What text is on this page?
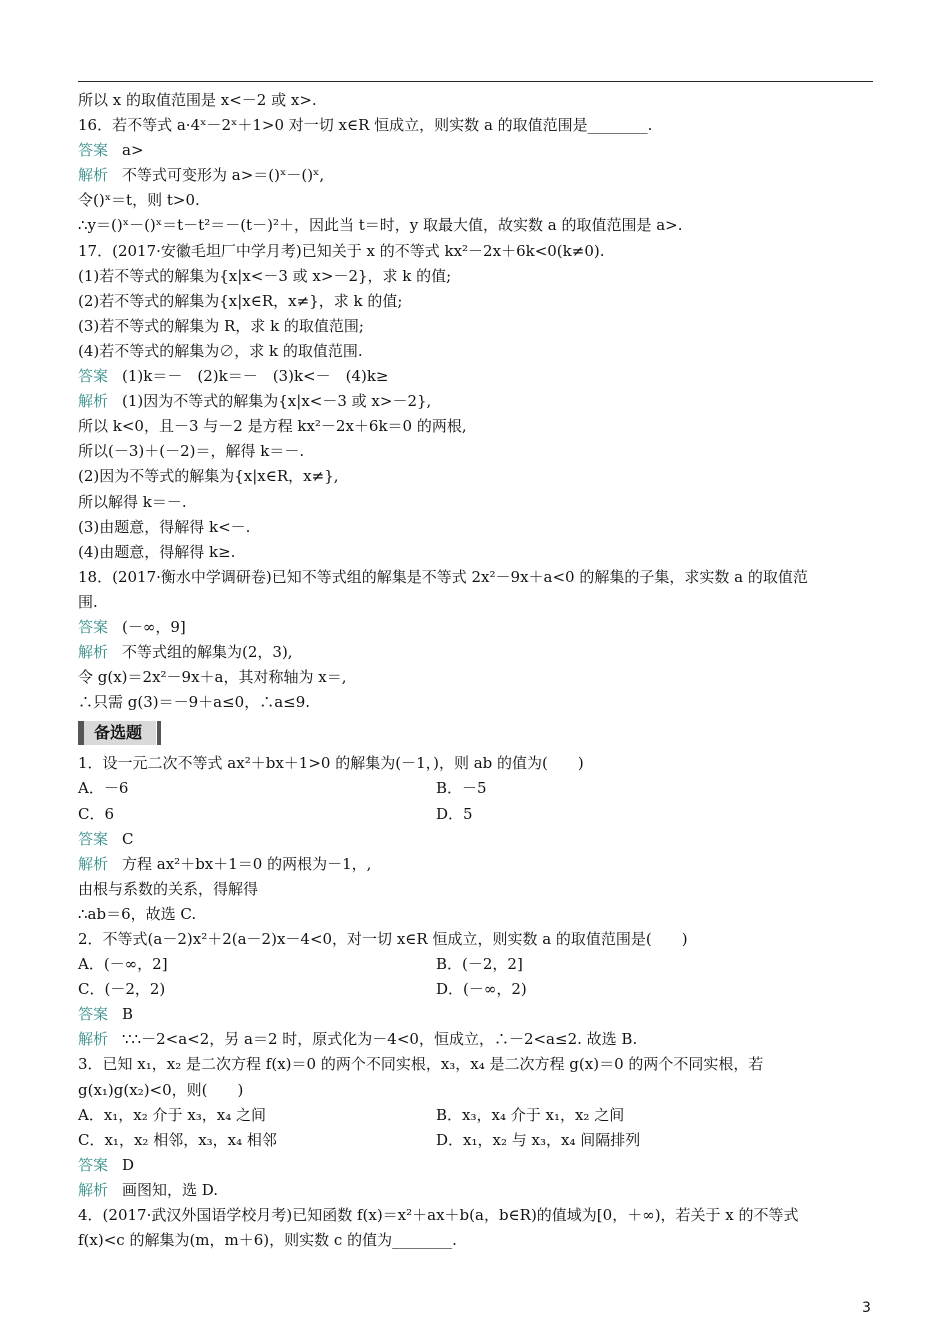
所以 x 的取值范围是 x<－2 或 x>.
16．若不等式 a·4ˣ－2ˣ＋1>0 对一切 x∈R 恒成立，则实数 a 的取值范围是________.
答案 a>
解析 不等式可变形为 a>＝()ˣ－()ˣ,
令()ˣ＝t，则 t>0.
∴y＝()ˣ－()ˣ＝t－t²＝－(t－)²＋，因此当 t＝时，y 取最大值，故实数 a 的取值范围是 a>.
17．(2017·安徽毛坦厂中学月考)已知关于 x 的不等式 kx²－2x＋6k<0(k≠0).
(1)若不等式的解集为{x|x<－3 或 x>－2}，求 k 的值;
(2)若不等式的解集为{x|x∈R，x≠}，求 k 的值;
(3)若不等式的解集为 R，求 k 的取值范围;
(4)若不等式的解集为∅，求 k 的取值范围.
答案 (1)k＝－　(2)k＝－　(3)k<－　(4)k≥
解析 (1)因为不等式的解集为{x|x<－3 或 x>－2},
所以 k<0，且－3 与－2 是方程 kx²－2x＋6k＝0 的两根,
所以(－3)＋(－2)＝，解得 k＝－.
(2)因为不等式的解集为{x|x∈R，x≠},
所以解得 k＝－.
(3)由题意，得解得 k<－.
(4)由题意，得解得 k≥.
18．(2017·衡水中学调研卷)已知不等式组的解集是不等式 2x²－9x＋a<0 的解集的子集，求实数 a 的取值范
围.
答案 (－∞，9]
解析 不等式组的解集为(2，3),
令 g(x)＝2x²－9x＋a，其对称轴为 x＝,
∴只需 g(3)＝－9＋a≤0，∴a≤9.
备选题
1．设一元二次不等式 ax²＋bx＋1>0 的解集为(－1，)，则 ab 的值为(　　)
A．－6	B．－5
C．6	D．5
答案 C
解析 方程 ax²＋bx＋1＝0 的两根为－1，,
由根与系数的关系，得解得
∴ab＝6，故选 C.
2．不等式(a－2)x²＋2(a－2)x－4<0，对一切 x∈R 恒成立，则实数 a 的取值范围是(　　)
A．(－∞，2]	B．(－2，2]
C．(－2，2)	D．(－∞，2)
答案 B
解析 ∵∴－2<a<2，另 a＝2 时，原式化为－4<0，恒成立，∴－2<a≤2. 故选 B.
3．已知 x₁，x₂ 是二次方程 f(x)＝0 的两个不同实根，x₃，x₄ 是二次方程 g(x)＝0 的两个不同实根，若
g(x₁)g(x₂)<0，则(　　)
A．x₁，x₂ 介于 x₃，x₄ 之间	B．x₃，x₄ 介于 x₁，x₂ 之间
C．x₁，x₂ 相邻，x₃，x₄ 相邻	D．x₁，x₂ 与 x₃，x₄ 间隔排列
答案 D
解析 画图知，选 D.
4．(2017·武汉外国语学校月考)已知函数 f(x)＝x²＋ax＋b(a，b∈R)的值域为[0，＋∞)，若关于 x 的不等式
f(x)<c 的解集为(m，m＋6)，则实数 c 的值为________.
3
